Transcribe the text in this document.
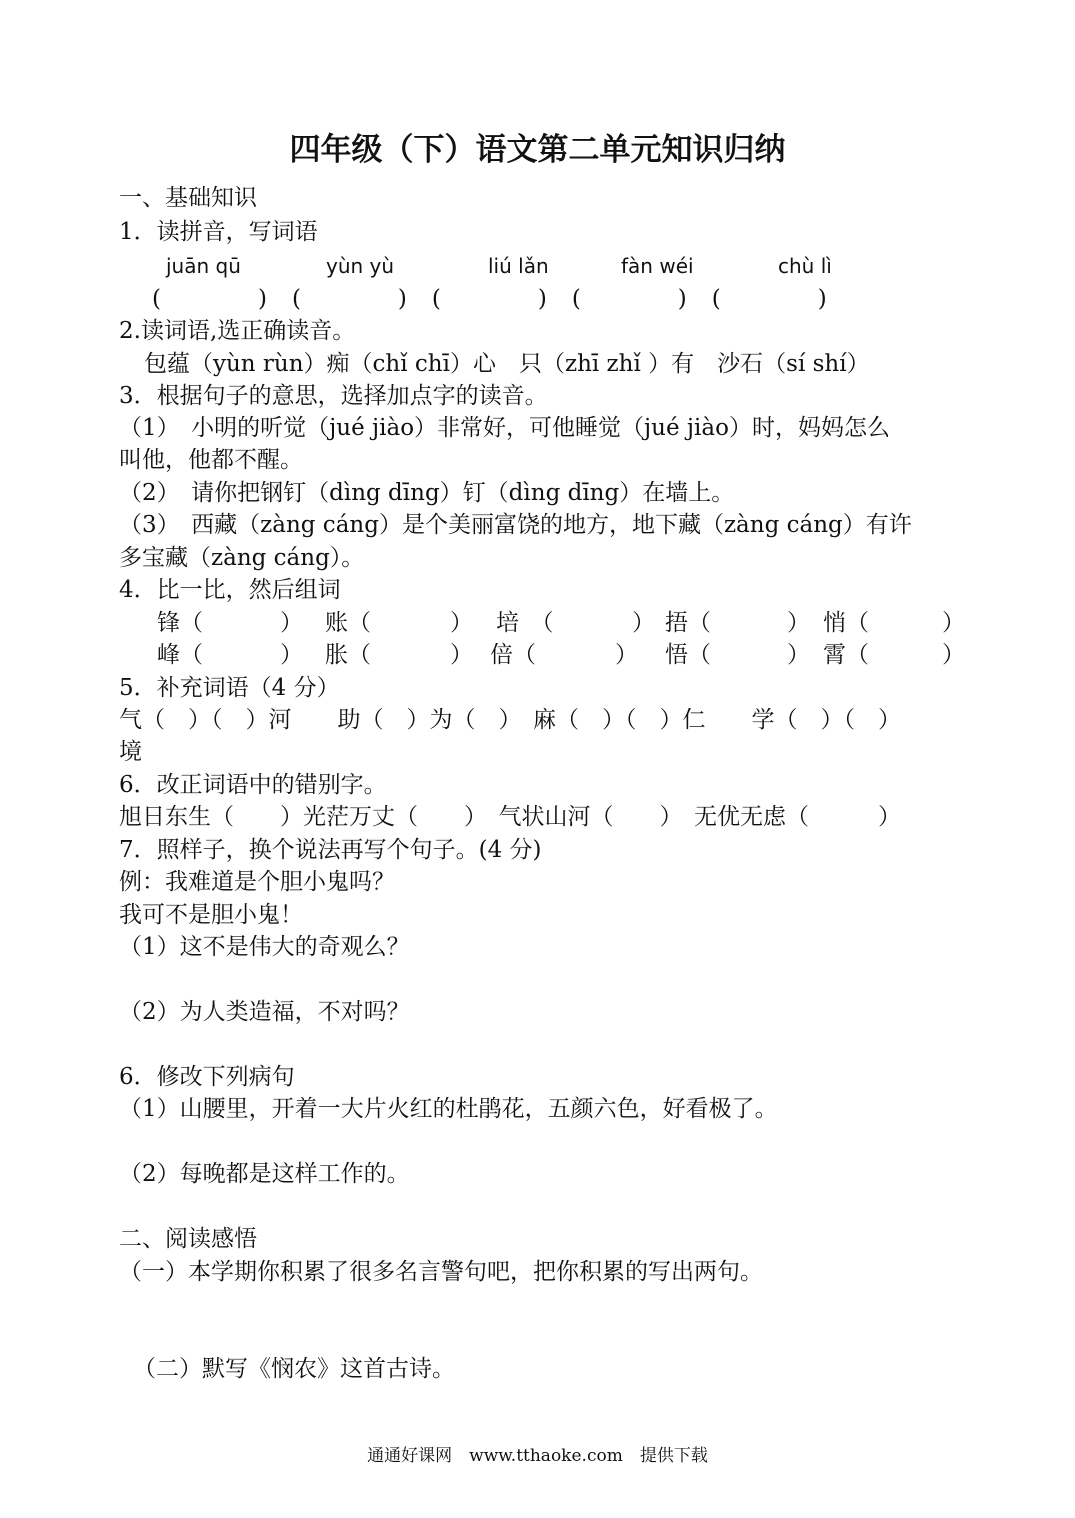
四年级（下）语文第二单元知识归纳
一、基础知识
1．读拼音，写词语
juān qū	yùn yù	liú lǎn	fàn wéi	chù lì
(　　　　)　(　　　　)　(　　　　)　(　　　　)　(　　　　)
2.读词语,选正确读音。
包蕴（yùn rùn）痴（chǐ chī）心　只（zhī zhǐ ）有　沙石（sí shí）
3．根据句子的意思，选择加点字的读音。
（1）　小明的听觉（jué jiào）非常好，可他睡觉（jué jiào）时，妈妈怎么
叫他，他都不醒。
（2）　请你把钢钉（dìng dīng）钉（dìng dīng）在墙上。
（3）　西藏（zàng cáng）是个美丽富饶的地方，地下藏（zàng cáng）有许
多宝藏（zàng cáng）。
4．比一比，然后组词
锋（	） 账（	） 培　（	） 捂（	） 悄（	）
峰（	） 胀（	） 倍（	） 悟（	） 霄（	）
5．补充词语（4 分）
气（　）（　）河　　助（　）为（　）　麻（　）（　）仁　　学（　）（　）
境
6．改正词语中的错别字。
旭日东生（　　）光茫万丈（　　）　气状山河（　　）　无优无虑（　　　）
7．照样子，换个说法再写个句子。(4 分)
例：我难道是个胆小鬼吗？
我可不是胆小鬼！
（1）这不是伟大的奇观么？
（2）为人类造福，不对吗？
6．修改下列病句
（1）山腰里，开着一大片火红的杜鹃花，五颜六色，好看极了。
（2）每晚都是这样工作的。
二、阅读感悟
（一）本学期你积累了很多名言警句吧，把你积累的写出两句。
（二）默写《悯农》这首古诗。
通通好课网　www.tthaoke.com　提供下载
